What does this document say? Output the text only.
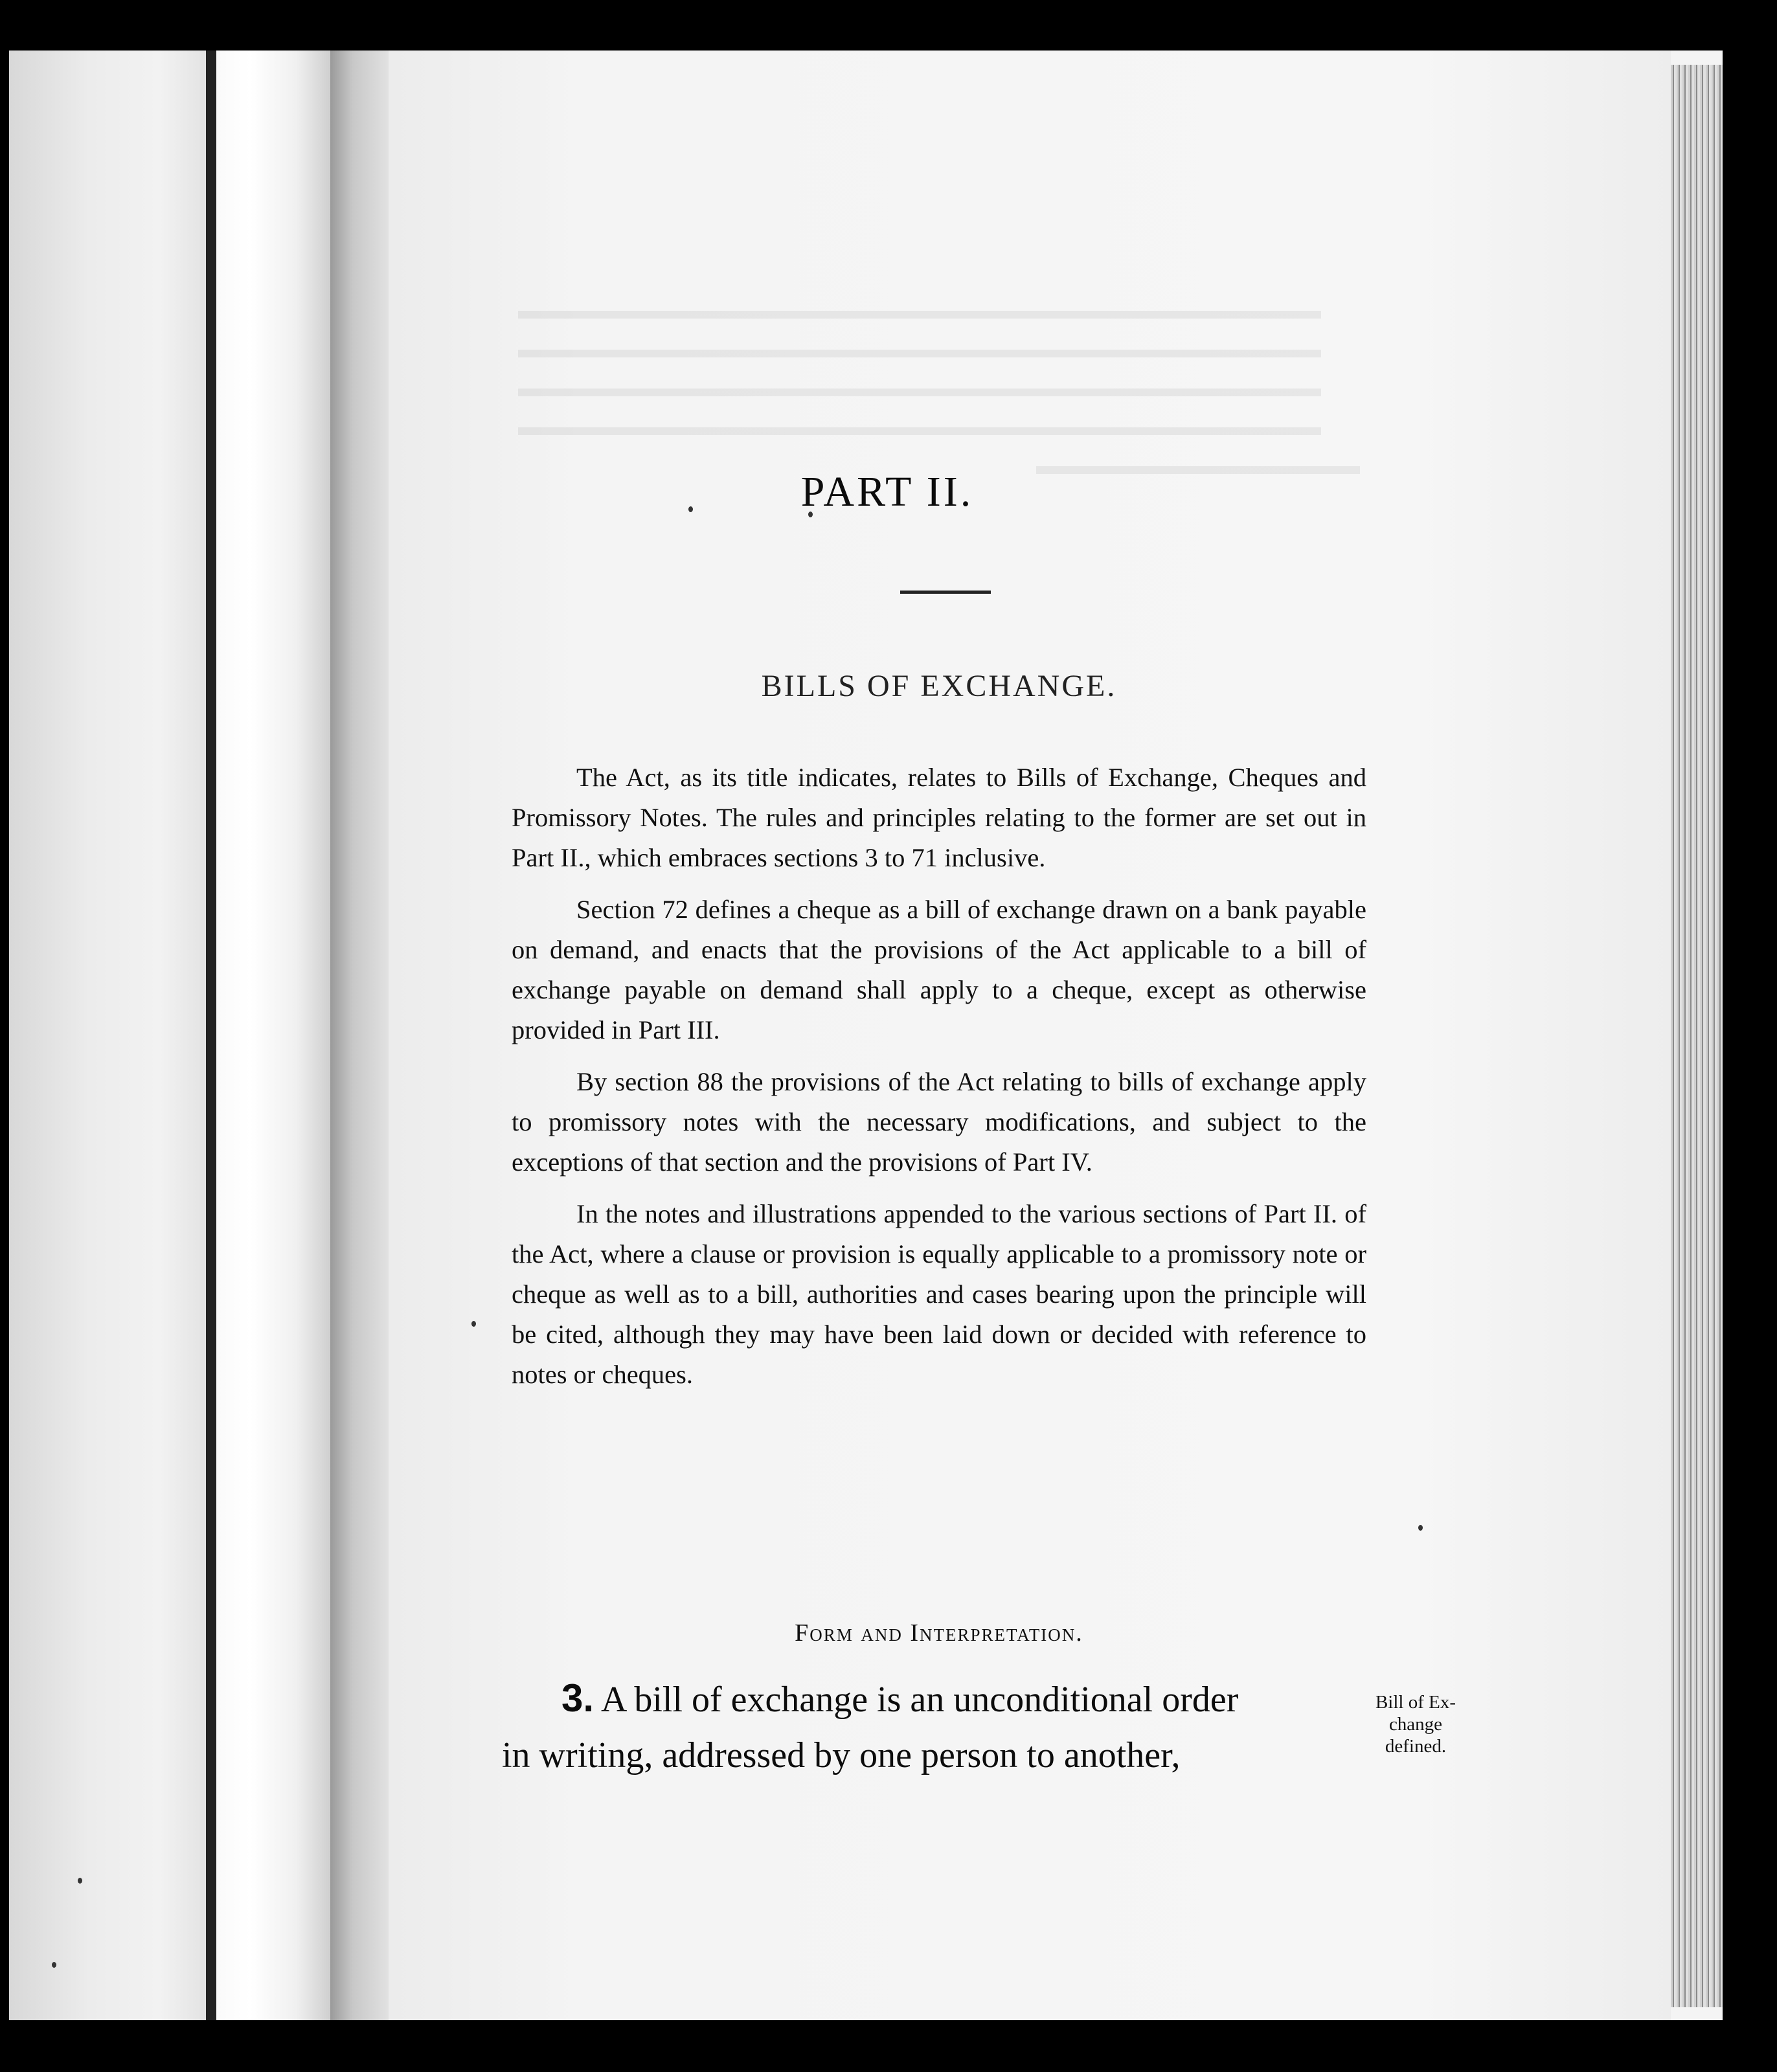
PART II.
BILLS OF EXCHANGE.

The Act, as its title indicates, relates to Bills of Exchange, Cheques and Promissory Notes. The rules and principles relating to the former are set out in Part II., which embraces sections 3 to 71 inclusive.

Section 72 defines a cheque as a bill of exchange drawn on a bank payable on demand, and enacts that the provisions of the Act applicable to a bill of exchange payable on demand shall apply to a cheque, except as otherwise provided in Part III.

By section 88 the provisions of the Act relating to bills of exchange apply to promissory notes with the necessary modifications, and subject to the exceptions of that section and the provisions of Part IV.

In the notes and illustrations appended to the various sections of Part II. of the Act, where a clause or provision is equally applicable to a promissory note or cheque as well as to a bill, authorities and cases bearing upon the principle will be cited, although they may have been laid down or decided with reference to notes or cheques.

Form and Interpretation.
3. A bill of exchange is an unconditional order
in writing, addressed by one person to another,
Bill of Ex-
change
defined.
